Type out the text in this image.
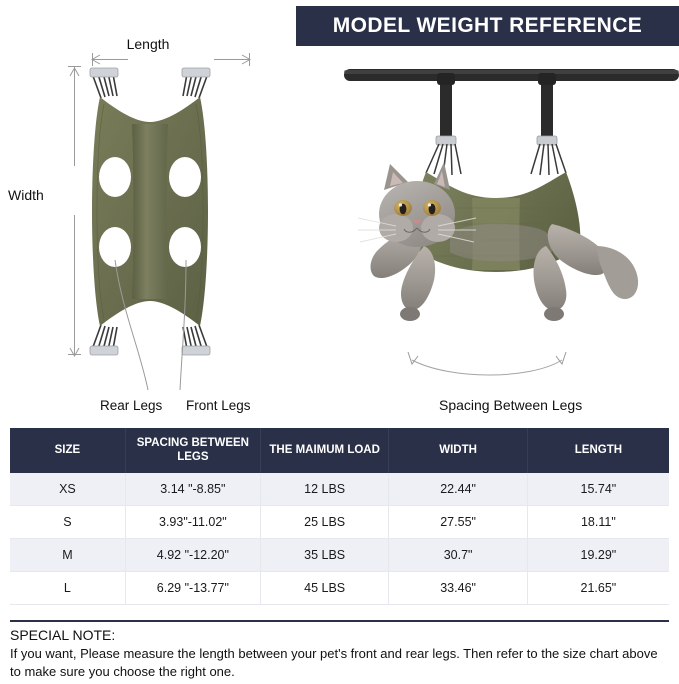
MODEL WEIGHT REFERENCE
Length
Width
Rear Legs Front Legs	Spacing Between Legs
SIZE	SPACING BETWEEN LEGS	THE MAIMUM LOAD	WIDTH	LENGTH
XS	3.14 "-8.85"	12 LBS	22.44"	15.74"
S	3.93"-11.02"	25 LBS	27.55"	18.11"
M	4.92 "-12.20"	35 LBS	30.7"	19.29"
L	6.29 "-13.77"	45 LBS	33.46"	21.65"

SPECIAL NOTE:

If you want, Please measure the length between your pet's front and rear legs. Then refer to the size chart above to make sure you choose the right one.
